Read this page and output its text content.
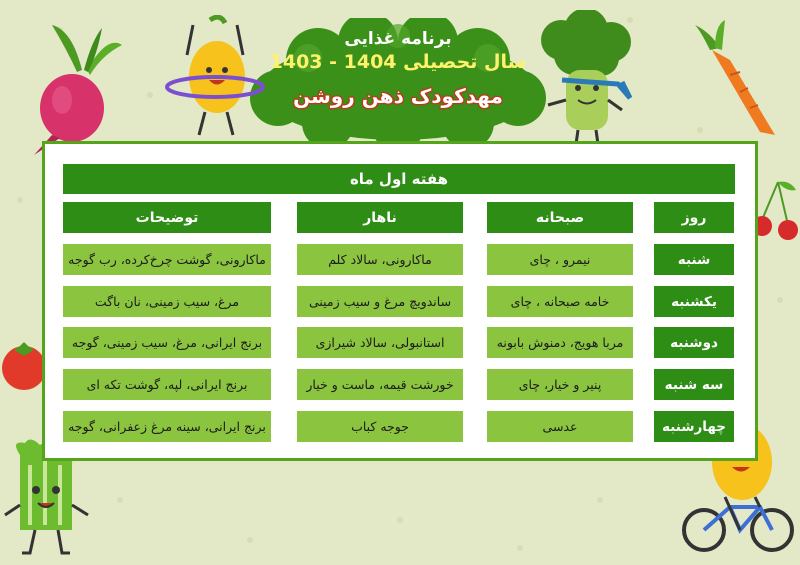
برنامه غذایی
سال تحصیلی 1404 - 1403
مهدکودک ذهن روشن
هفته اول ماه
روز
صبحانه
ناهار
توضیحات
شنبه
نیمرو ، چای
ماکارونی، سالاد کلم
ماکارونی، گوشت چرخ‌کرده، رب گوجه
یکشنبه
خامه صبحانه ، چای
ساندویچ مرغ و سیب زمینی
مرغ، سیب زمینی، نان باگت
دوشنبه
مربا هویج، دمنوش بابونه
استانبولی، سالاد شیرازی
برنج ایرانی، مرغ، سیب زمینی، گوجه
سه شنبه
پنیر و خیار، چای
خورشت قیمه، ماست و خیار
برنج ایرانی، لپه، گوشت تکه ای
چهارشنبه
عدسی
جوجه کباب
برنج ایرانی، سینه مرغ زعفرانی، گوجه
